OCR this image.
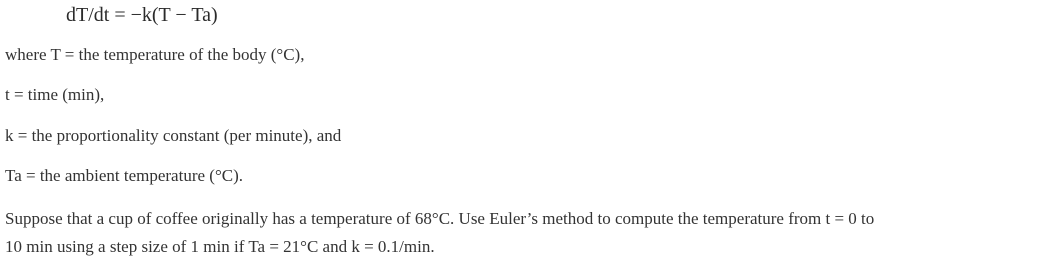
dT/dt = −k(T − Ta)
where T = the temperature of the body (°C),
t = time (min),
k = the proportionality constant (per minute), and
Ta = the ambient temperature (°C).
Suppose that a cup of coffee originally has a temperature of 68°C. Use Euler’s method to compute the temperature from t = 0 to
10 min using a step size of 1 min if Ta = 21°C and k = 0.1/min.
